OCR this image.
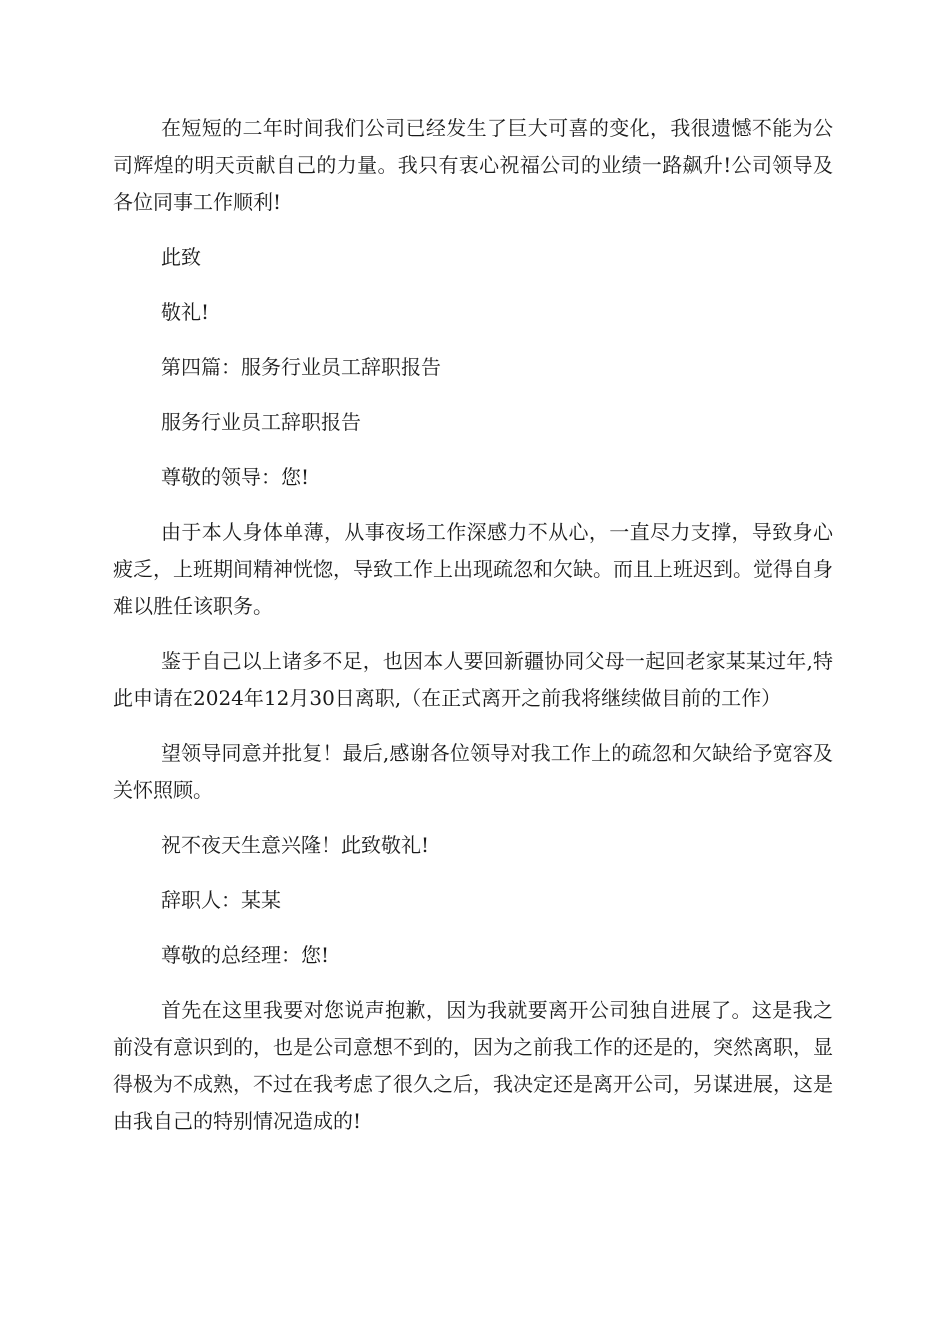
在短短的二年时间我们公司已经发生了巨大可喜的变化，我很遗憾不能为公司辉煌的明天贡献自己的力量。我只有衷心祝福公司的业绩一路飙升!公司领导及各位同事工作顺利!

此致

敬礼!

第四篇：服务行业员工辞职报告

服务行业员工辞职报告

尊敬的领导：您!

由于本人身体单薄，从事夜场工作深感力不从心，一直尽力支撑，导致身心疲乏，上班期间精神恍惚，导致工作上出现疏忽和欠缺。而且上班迟到。觉得自身难以胜任该职务。

鉴于自己以上诸多不足，也因本人要回新疆协同父母一起回老家某某过年,特此申请在2024年12月30日离职,（在正式离开之前我将继续做目前的工作）

望领导同意并批复！最后,感谢各位领导对我工作上的疏忽和欠缺给予宽容及关怀照顾。

祝不夜天生意兴隆！此致敬礼!

辞职人：某某

尊敬的总经理：您!

首先在这里我要对您说声抱歉，因为我就要离开公司独自进展了。这是我之前没有意识到的，也是公司意想不到的，因为之前我工作的还是的，突然离职，显得极为不成熟，不过在我考虑了很久之后，我决定还是离开公司，另谋进展，这是由我自己的特别情况造成的!
